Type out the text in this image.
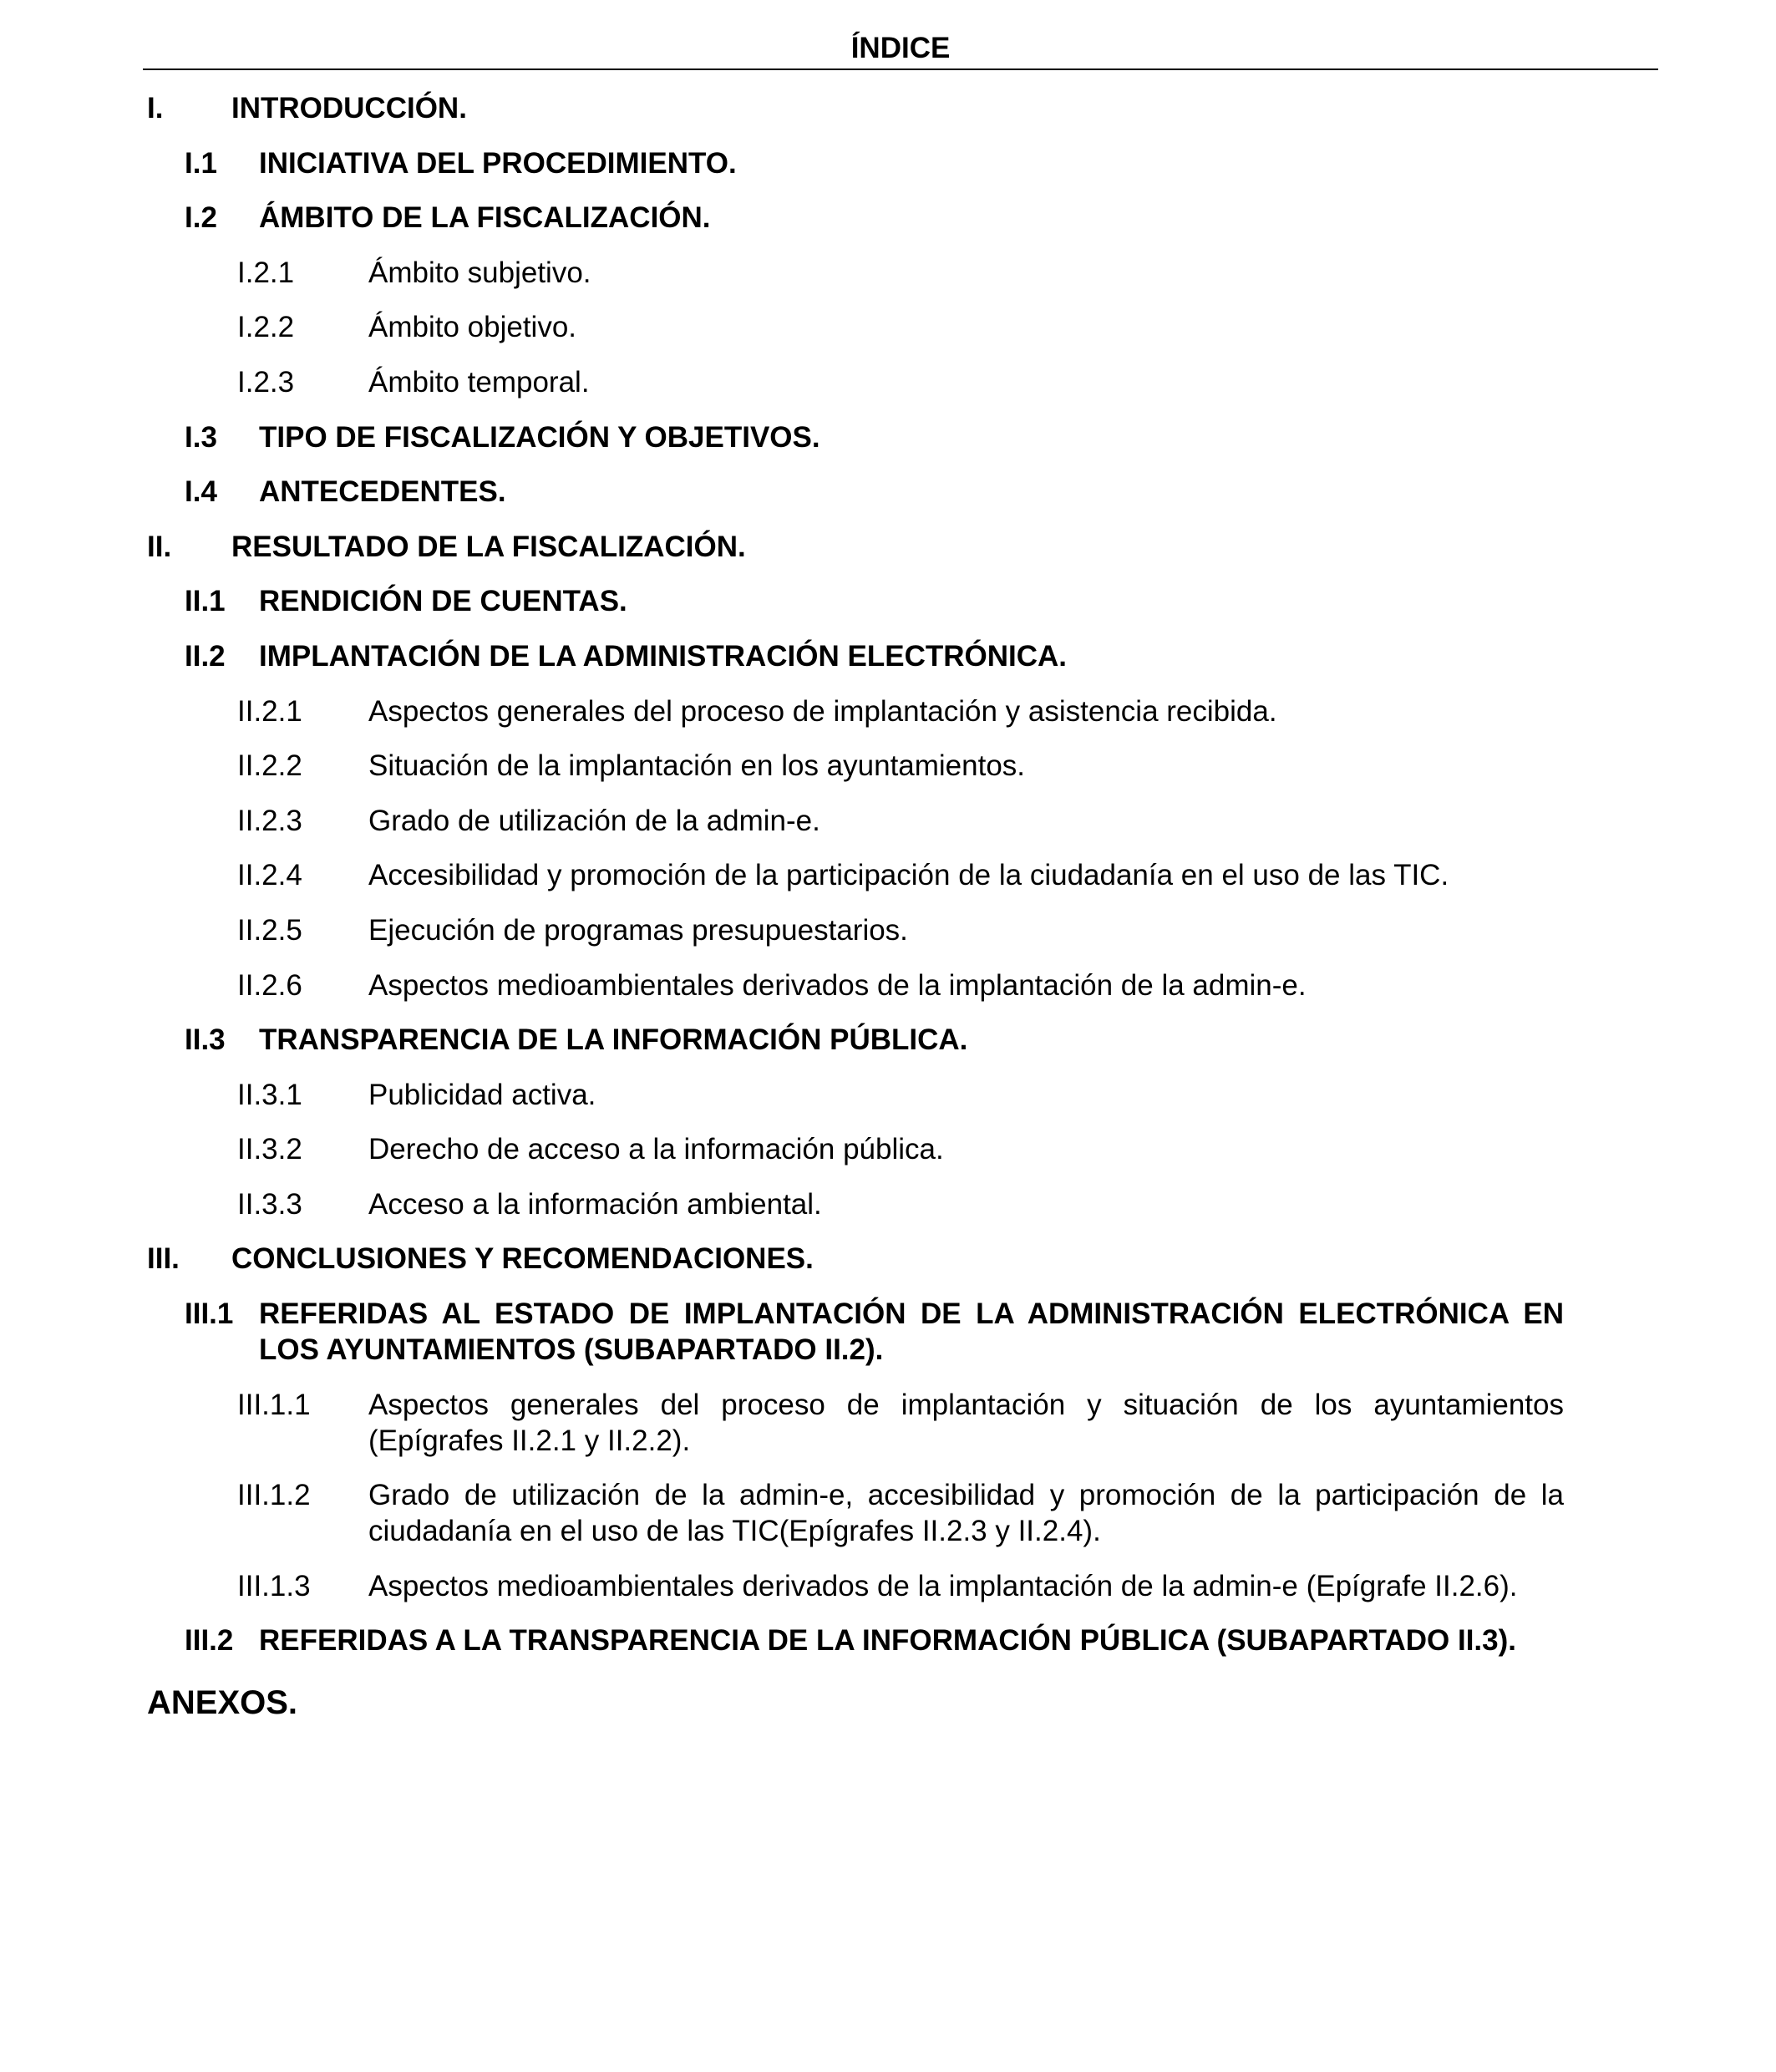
ÍNDICE
I. INTRODUCCIÓN.
I.1 INICIATIVA DEL PROCEDIMIENTO.
I.2 ÁMBITO DE LA FISCALIZACIÓN.
I.2.1	Ámbito subjetivo.
I.2.2	Ámbito objetivo.
I.2.3	Ámbito temporal.
I.3 TIPO DE FISCALIZACIÓN Y OBJETIVOS.
I.4 ANTECEDENTES.
II. RESULTADO DE LA FISCALIZACIÓN.
II.1 RENDICIÓN DE CUENTAS.
II.2 IMPLANTACIÓN DE LA ADMINISTRACIÓN ELECTRÓNICA.
II.2.1 Aspectos generales del proceso de implantación y asistencia recibida.
II.2.2 Situación de la implantación en los ayuntamientos.
II.2.3 Grado de utilización de la admin-e.
II.2.4 Accesibilidad y promoción de la participación de la ciudadanía en el uso de las TIC.
II.2.5 Ejecución de programas presupuestarios.
II.2.6 Aspectos medioambientales derivados de la implantación de la admin-e.
II.3 TRANSPARENCIA DE LA INFORMACIÓN PÚBLICA.
II.3.1 Publicidad activa.
II.3.2 Derecho de acceso a la información pública.
II.3.3 Acceso a la información ambiental.
III. CONCLUSIONES Y RECOMENDACIONES.
III.1 REFERIDAS AL ESTADO DE IMPLANTACIÓN DE LA ADMINISTRACIÓN ELECTRÓNICA EN LOS AYUNTAMIENTOS (SUBAPARTADO II.2).
III.1.1 Aspectos generales del proceso de implantación y situación de los ayuntamientos (Epígrafes II.2.1 y II.2.2).
III.1.2 Grado de utilización de la admin-e, accesibilidad y promoción de la participación de la ciudadanía en el uso de las TIC(Epígrafes II.2.3 y II.2.4).
III.1.3 Aspectos medioambientales derivados de la implantación de la admin-e (Epígrafe II.2.6).
III.2 REFERIDAS A LA TRANSPARENCIA DE LA INFORMACIÓN PÚBLICA (SUBAPARTADO II.3).
ANEXOS.
